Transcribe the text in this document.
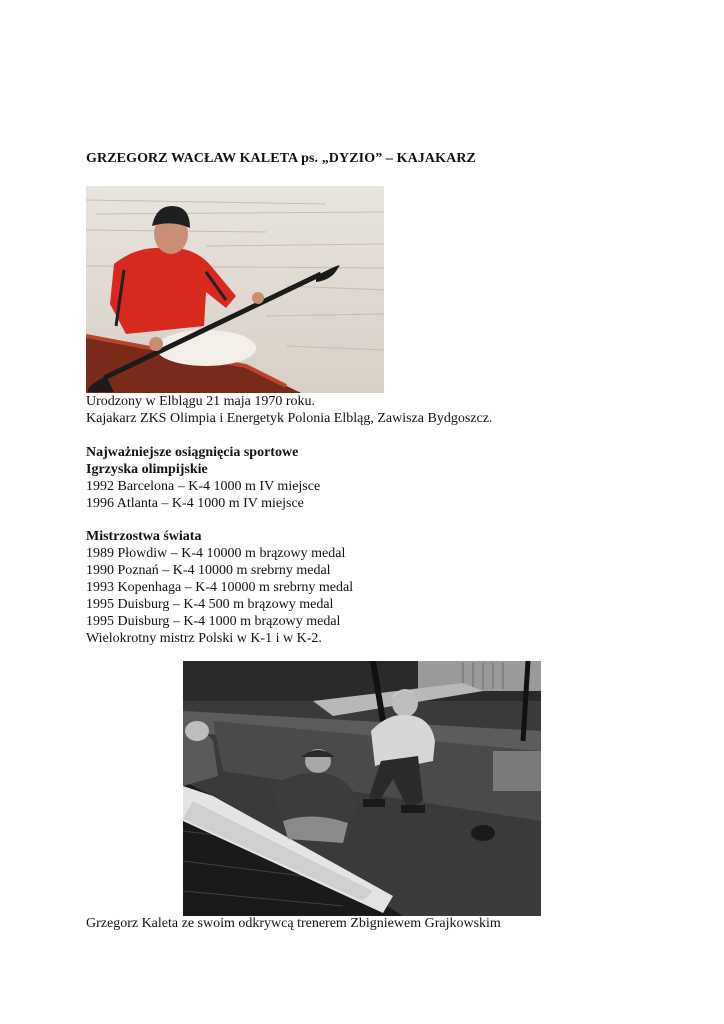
GRZEGORZ WACŁAW KALETA ps. „DYZIO” – KAJAKARZ

Urodzony w Elblągu 21 maja 1970 roku.

Kajakarz ZKS Olimpia i Energetyk Polonia Elbląg, Zawisza Bydgoszcz.

Najważniejsze osiągnięcia sportowe

Igrzyska olimpijskie

1992 Barcelona – K-4 1000 m IV miejsce

1996 Atlanta – K-4 1000 m IV miejsce

Mistrzostwa świata

1989 Płowdiw – K-4 10000 m brązowy medal

1990 Poznań – K-4 10000 m srebrny medal

1993 Kopenhaga – K-4 10000 m srebrny medal

1995 Duisburg – K-4 500 m brązowy medal

1995 Duisburg – K-4 1000 m brązowy medal

Wielokrotny mistrz Polski w K-1 i w K-2.

Grzegorz Kaleta ze swoim odkrywcą trenerem Zbigniewem Grajkowskim
